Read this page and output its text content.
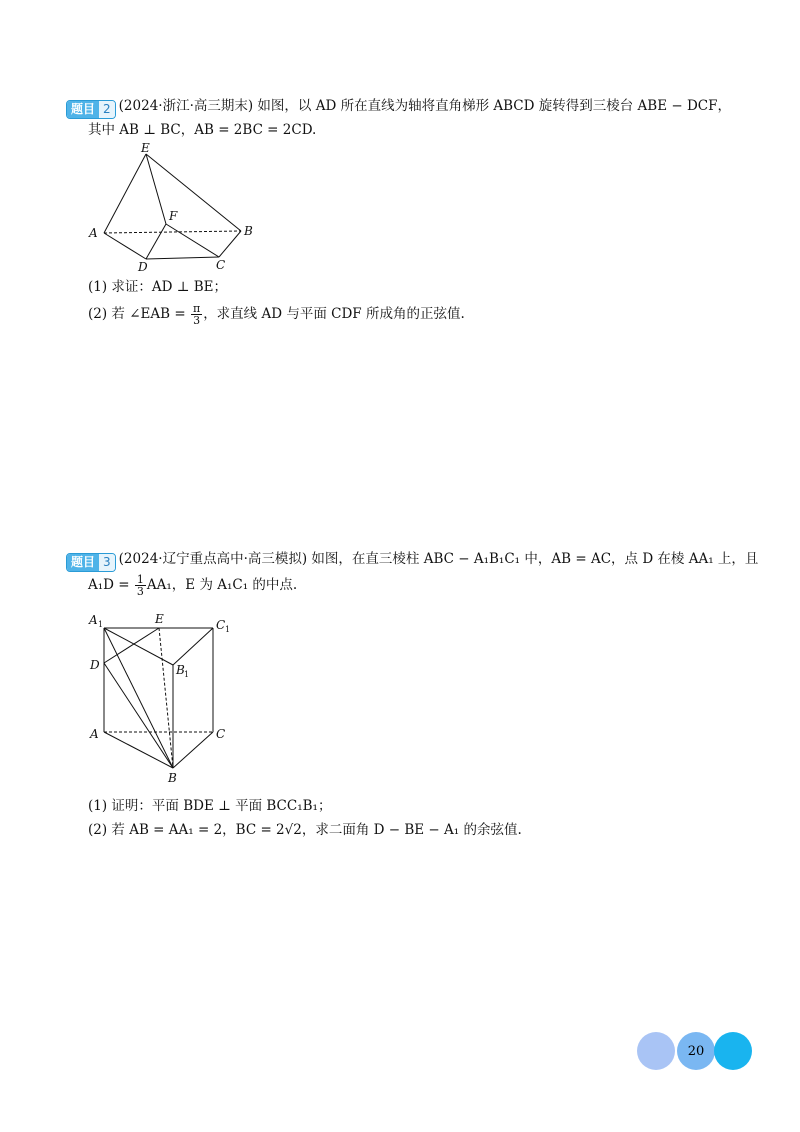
题目 2 (2024·浙江·高三期末) 如图，以 AD 所在直线为轴将直角梯形 ABCD 旋转得到三棱台 ABE − DCF，
其中 AB ⊥ BC，AB = 2BC = 2CD.
E
F
A	B
D	C
(1) 求证：AD ⊥ BE；
(2) 若 ∠EAB = $\frac{\pi}{3}$ ，求直线 AD 与平面 CDF 所成角的正弦值.
题目 3 (2024·辽宁重点高中·高三模拟) 如图，在直三棱柱 ABC − A₁B₁C₁ 中，AB = AC，点 D 在棱 AA₁ 上，且
$A_1D = \frac{1}{3} AA_1$，E 为 A₁C₁ 的中点.
A 1	E	C 1
D	B 1
A	C
B
(1) 证明：平面 BDE ⊥ 平面 BCC₁B₁；
(2) 若 AB = AA₁ = 2，BC = 2√2，求二面角 D − BE − A₁ 的余弦值.
20
